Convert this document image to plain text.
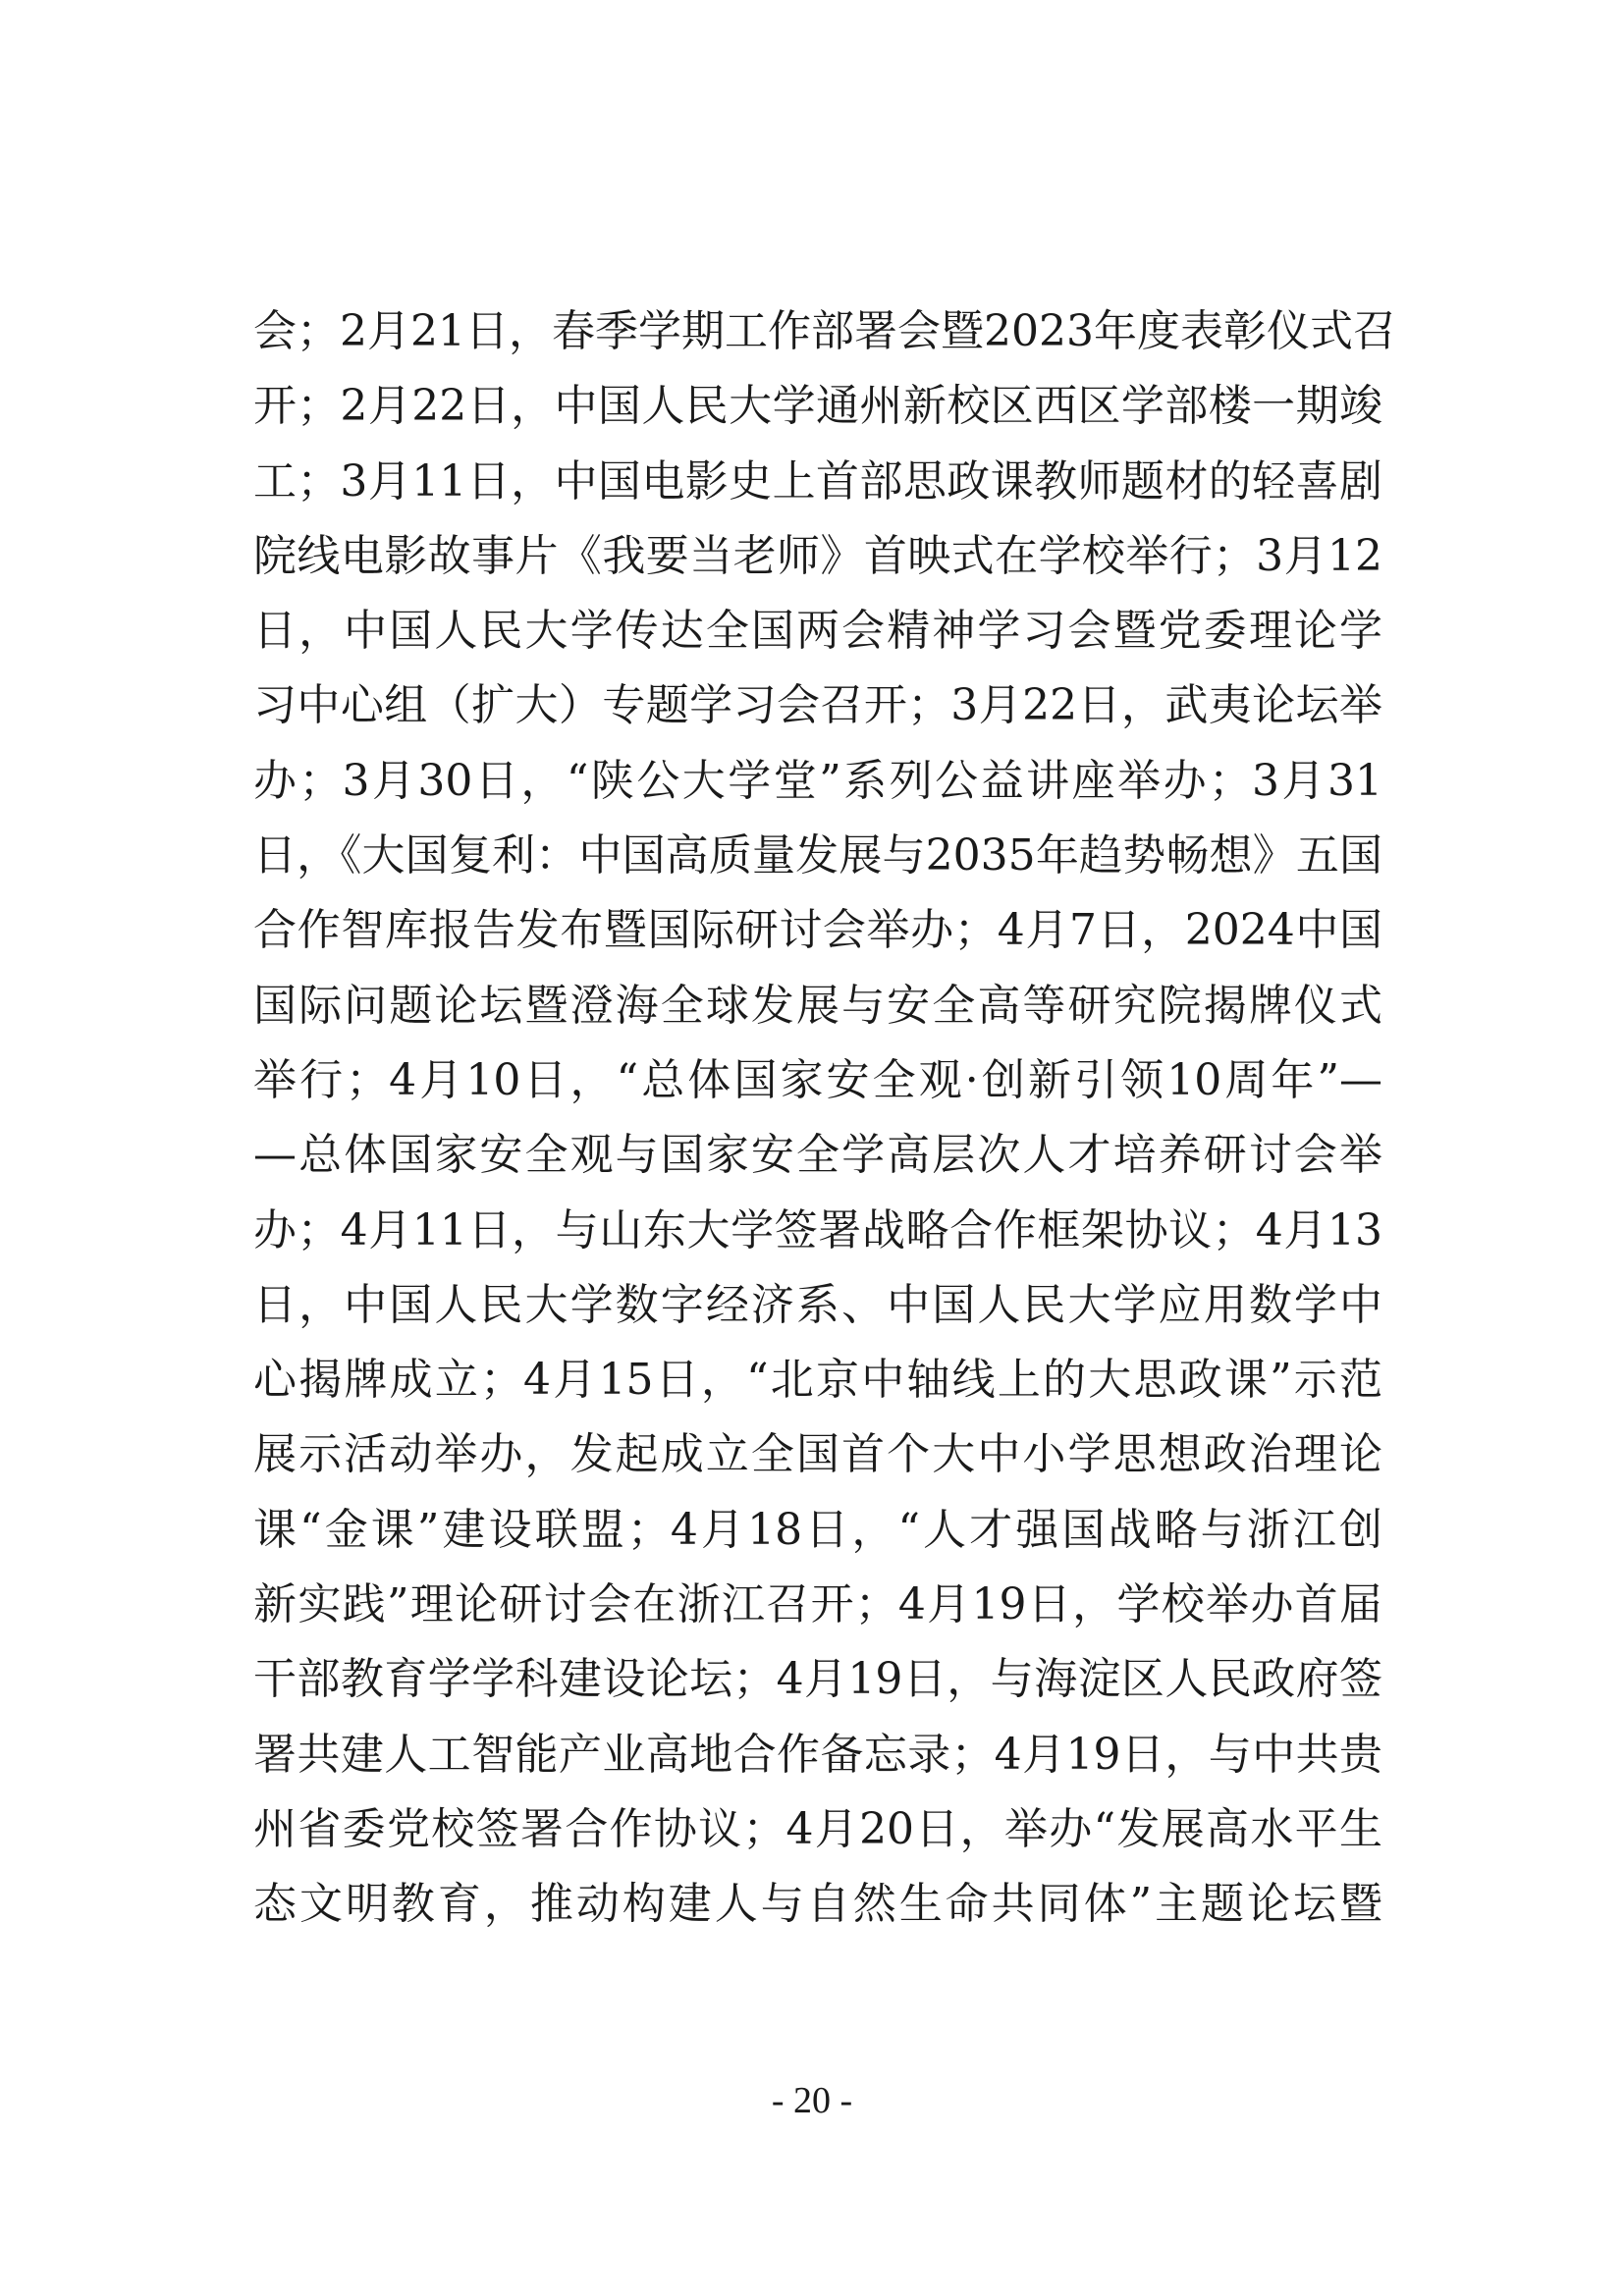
会；2月21日，春季学期工作部署会暨2023年度表彰仪式召
开；2月22日，中国人民大学通州新校区西区学部楼一期竣
工；3月11日，中国电影史上首部思政课教师题材的轻喜剧
院线电影故事片《我要当老师》首映式在学校举行；3月12
日，中国人民大学传达全国两会精神学习会暨党委理论学
习中心组（扩大）专题学习会召开；3月22日，武夷论坛举
办；3月30日，“陕公大学堂”系列公益讲座举办；3月31
日，《大国复利：中国高质量发展与2035年趋势畅想》五国
合作智库报告发布暨国际研讨会举办；4月7日，2024中国
国际问题论坛暨澄海全球发展与安全高等研究院揭牌仪式
举行；4月10日，“总体国家安全观·创新引领10周年”—
—总体国家安全观与国家安全学高层次人才培养研讨会举
办；4月11日，与山东大学签署战略合作框架协议；4月13
日，中国人民大学数字经济系、中国人民大学应用数学中
心揭牌成立；4月15日，“北京中轴线上的大思政课”示范
展示活动举办，发起成立全国首个大中小学思想政治理论
课“金课”建设联盟；4月18日，“人才强国战略与浙江创
新实践”理论研讨会在浙江召开；4月19日，学校举办首届
干部教育学学科建设论坛；4月19日，与海淀区人民政府签
署共建人工智能产业高地合作备忘录；4月19日，与中共贵
州省委党校签署合作协议；4月20日，举办“发展高水平生
态文明教育，推动构建人与自然生命共同体”主题论坛暨
- 20 -
